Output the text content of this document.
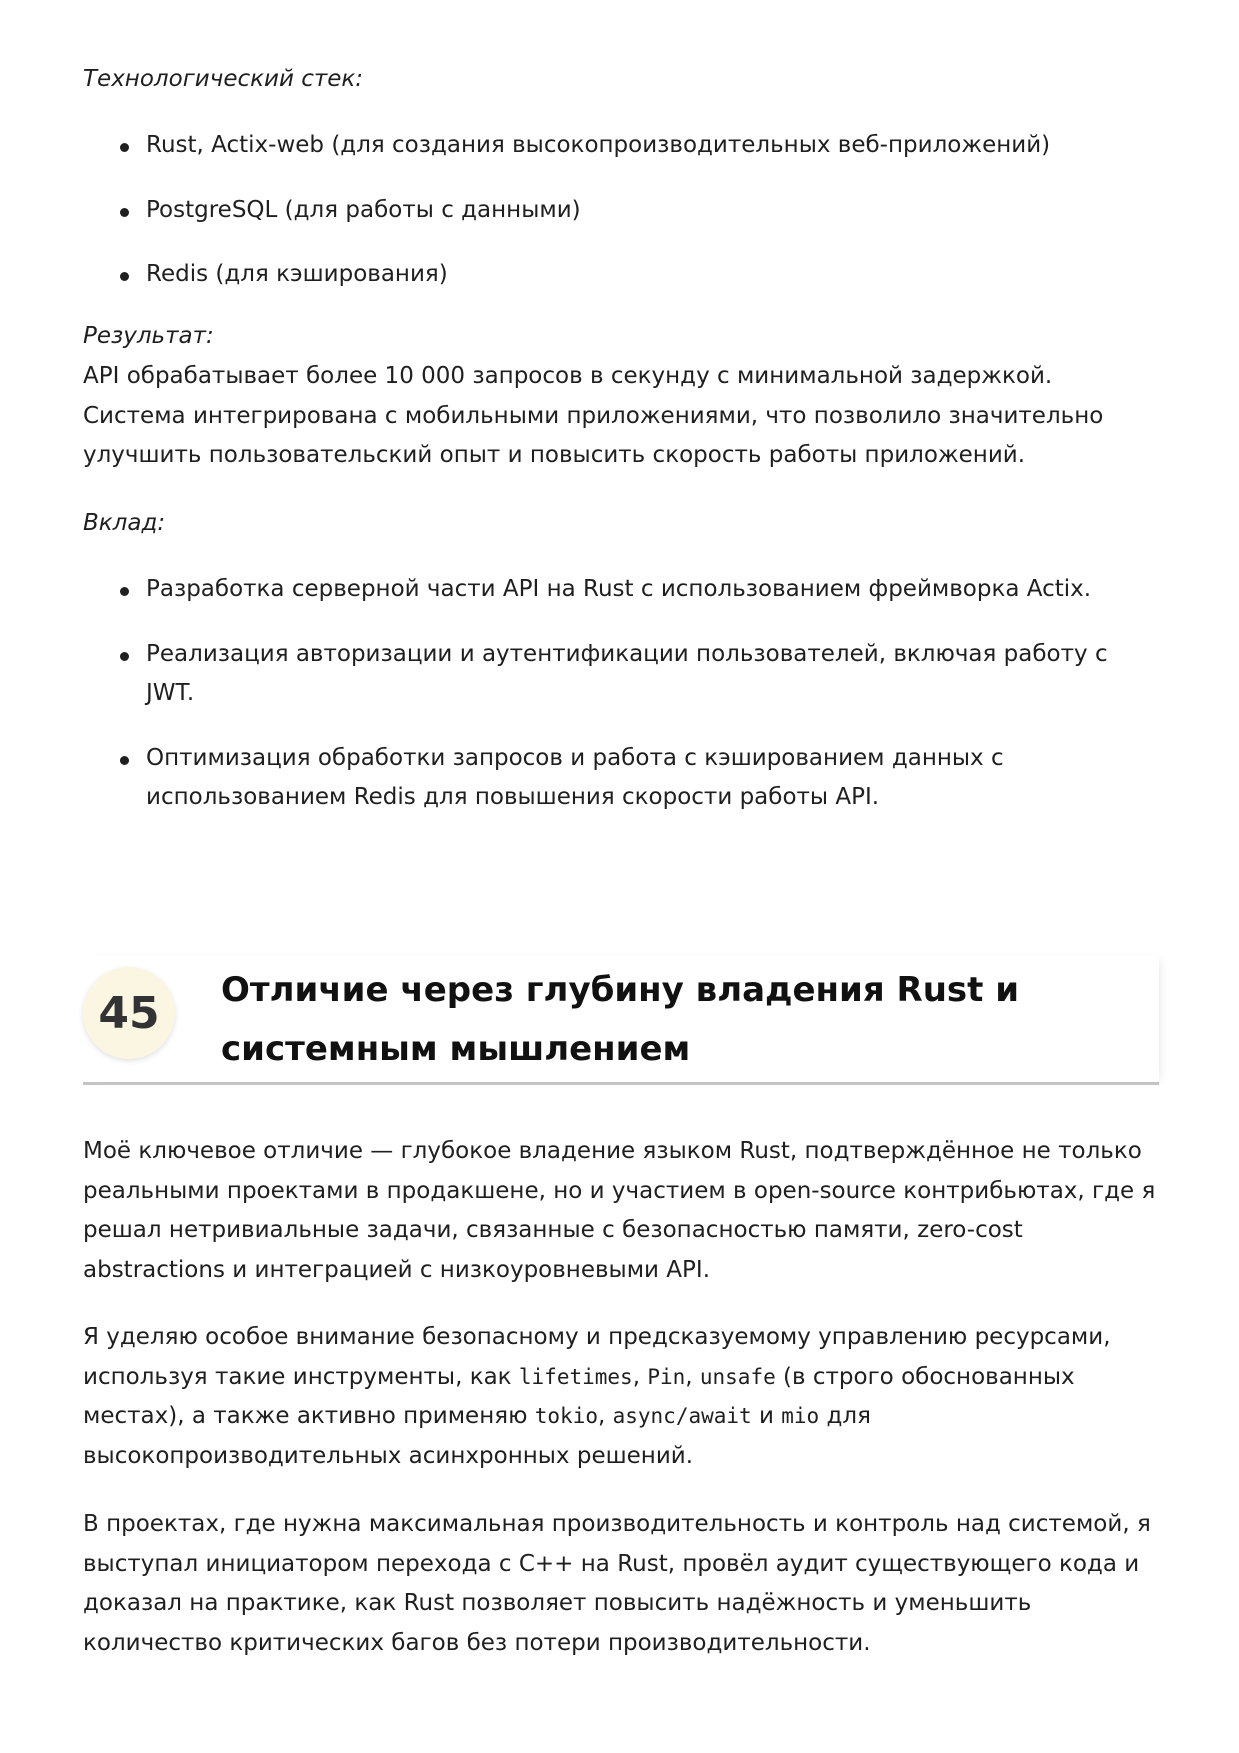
Технологический стек:

Rust, Actix-web (для создания высокопроизводительных веб-приложений)
PostgreSQL (для работы с данными)
Redis (для кэширования)

Результат:

API обрабатывает более 10 000 запросов в секунду с минимальной задержкой. Система интегрирована с мобильными приложениями, что позволило значительно улучшить пользовательский опыт и повысить скорость работы приложений.

Вклад:

Разработка серверной части API на Rust с использованием фреймворка Actix.
Реализация авторизации и аутентификации пользователей, включая работу с JWT.
Оптимизация обработки запросов и работа с кэшированием данных с использованием Redis для повышения скорости работы API.

Моё ключевое отличие — глубокое владение языком Rust, подтверждённое не только реальными проектами в продакшене, но и участием в open-source контрибьютах, где я решал нетривиальные задачи, связанные с безопасностью памяти, zero-cost abstractions и интеграцией с низкоуровневыми API.

Я уделяю особое внимание безопасному и предсказуемому управлению ресурсами, используя такие инструменты, как lifetimes, Pin, unsafe (в строго обоснованных местах), а также активно применяю tokio, async/await и mio для высокопроизводительных асинхронных решений.

В проектах, где нужна максимальная производительность и контроль над системой, я выступал инициатором перехода с C++ на Rust, провёл аудит существующего кода и доказал на практике, как Rust позволяет повысить надёжность и уменьшить количество критических багов без потери производительности.

45	Отличие через глубину владения Rust и системным мышлением
